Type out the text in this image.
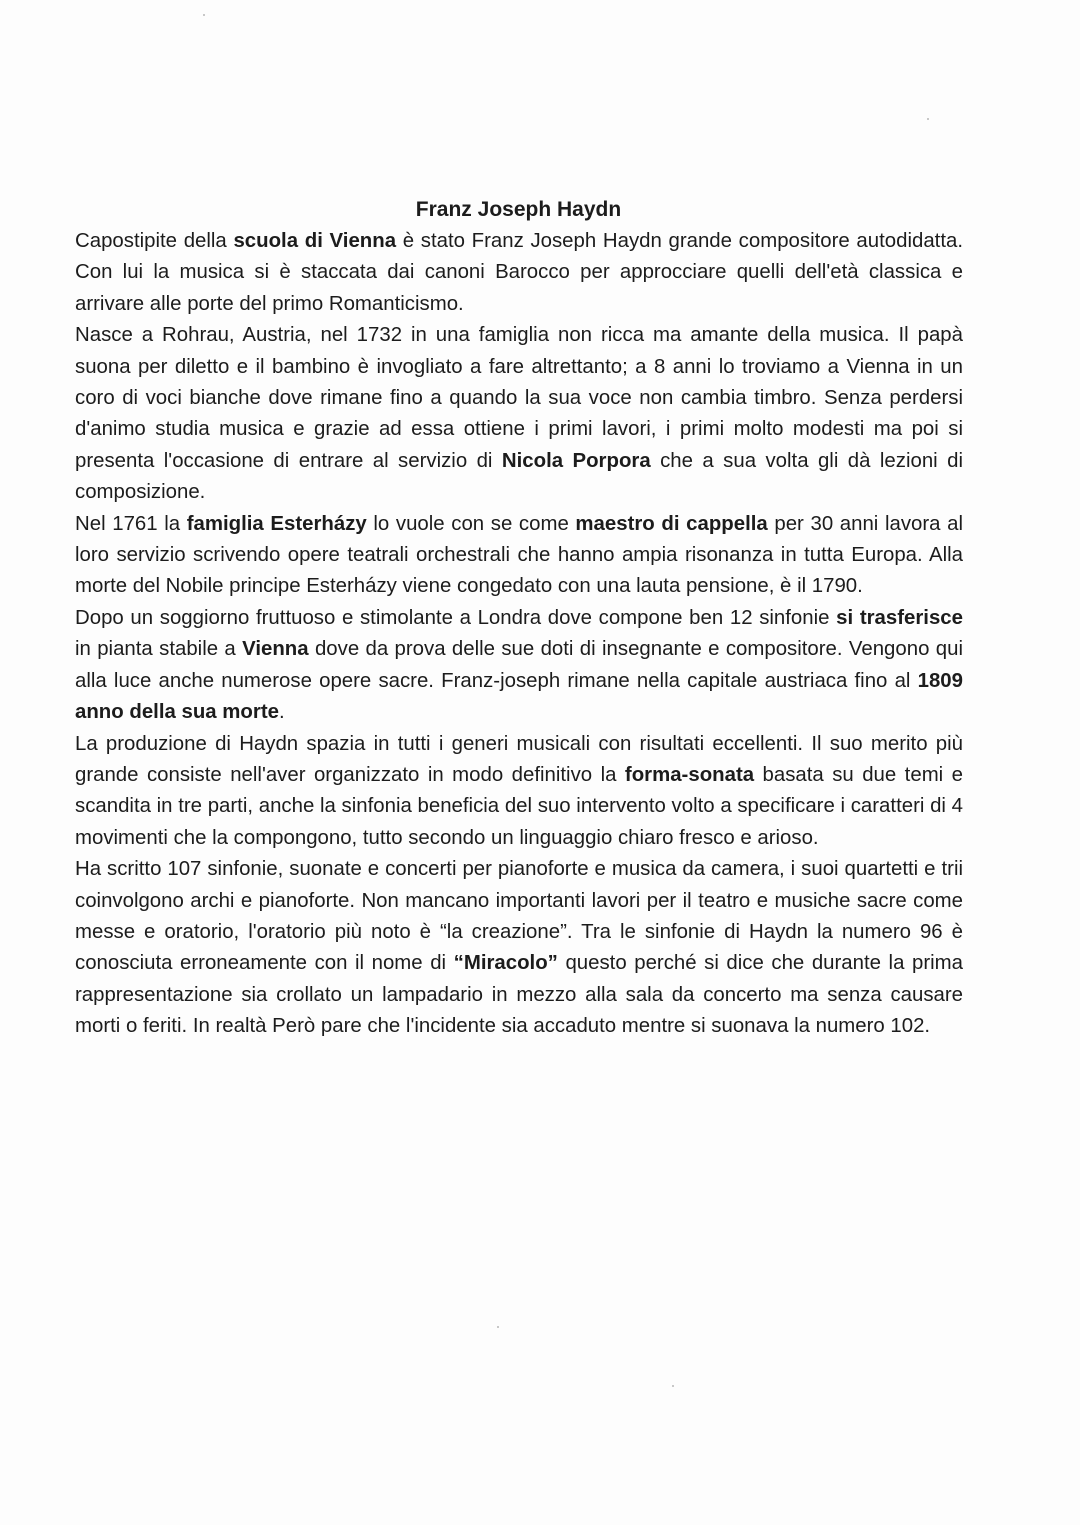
Franz Joseph Haydn

Capostipite della scuola di Vienna è stato Franz Joseph Haydn grande compositore autodidatta. Con lui la musica si è staccata dai canoni Barocco per approcciare quelli dell'età classica e arrivare alle porte del primo Romanticismo.

Nasce a Rohrau, Austria, nel 1732 in una famiglia non ricca ma amante della musica. Il papà suona per diletto e il bambino è invogliato a fare altrettanto; a 8 anni lo troviamo a Vienna in un coro di voci bianche dove rimane fino a quando la sua voce non cambia timbro. Senza perdersi d'animo studia musica e grazie ad essa ottiene i primi lavori, i primi molto modesti ma poi si presenta l'occasione di entrare al servizio di Nicola Porpora che a sua volta gli dà lezioni di composizione.

Nel 1761 la famiglia Esterházy lo vuole con se come maestro di cappella per 30 anni lavora al loro servizio scrivendo opere teatrali orchestrali che hanno ampia risonanza in tutta Europa. Alla morte del Nobile principe Esterházy viene congedato con una lauta pensione, è il 1790.

Dopo un soggiorno fruttuoso e stimolante a Londra dove compone ben 12 sinfonie si trasferisce in pianta stabile a Vienna dove da prova delle sue doti di insegnante e compositore. Vengono qui alla luce anche numerose opere sacre. Franz-joseph rimane nella capitale austriaca fino al 1809 anno della sua morte.

La produzione di Haydn spazia in tutti i generi musicali con risultati eccellenti. Il suo merito più grande consiste nell'aver organizzato in modo definitivo la forma-sonata basata su due temi e scandita in tre parti, anche la sinfonia beneficia del suo intervento volto a specificare i caratteri di 4 movimenti che la compongono, tutto secondo un linguaggio chiaro fresco e arioso.

Ha scritto 107 sinfonie, suonate e concerti per pianoforte e musica da camera, i suoi quartetti e trii coinvolgono archi e pianoforte. Non mancano importanti lavori per il teatro e musiche sacre come messe e oratorio, l'oratorio più noto è “la creazione”. Tra le sinfonie di Haydn la numero 96 è conosciuta erroneamente con il nome di “Miracolo” questo perché si dice che durante la prima rappresentazione sia crollato un lampadario in mezzo alla sala da concerto ma senza causare morti o feriti. In realtà Però pare che l'incidente sia accaduto mentre si suonava la numero 102.
